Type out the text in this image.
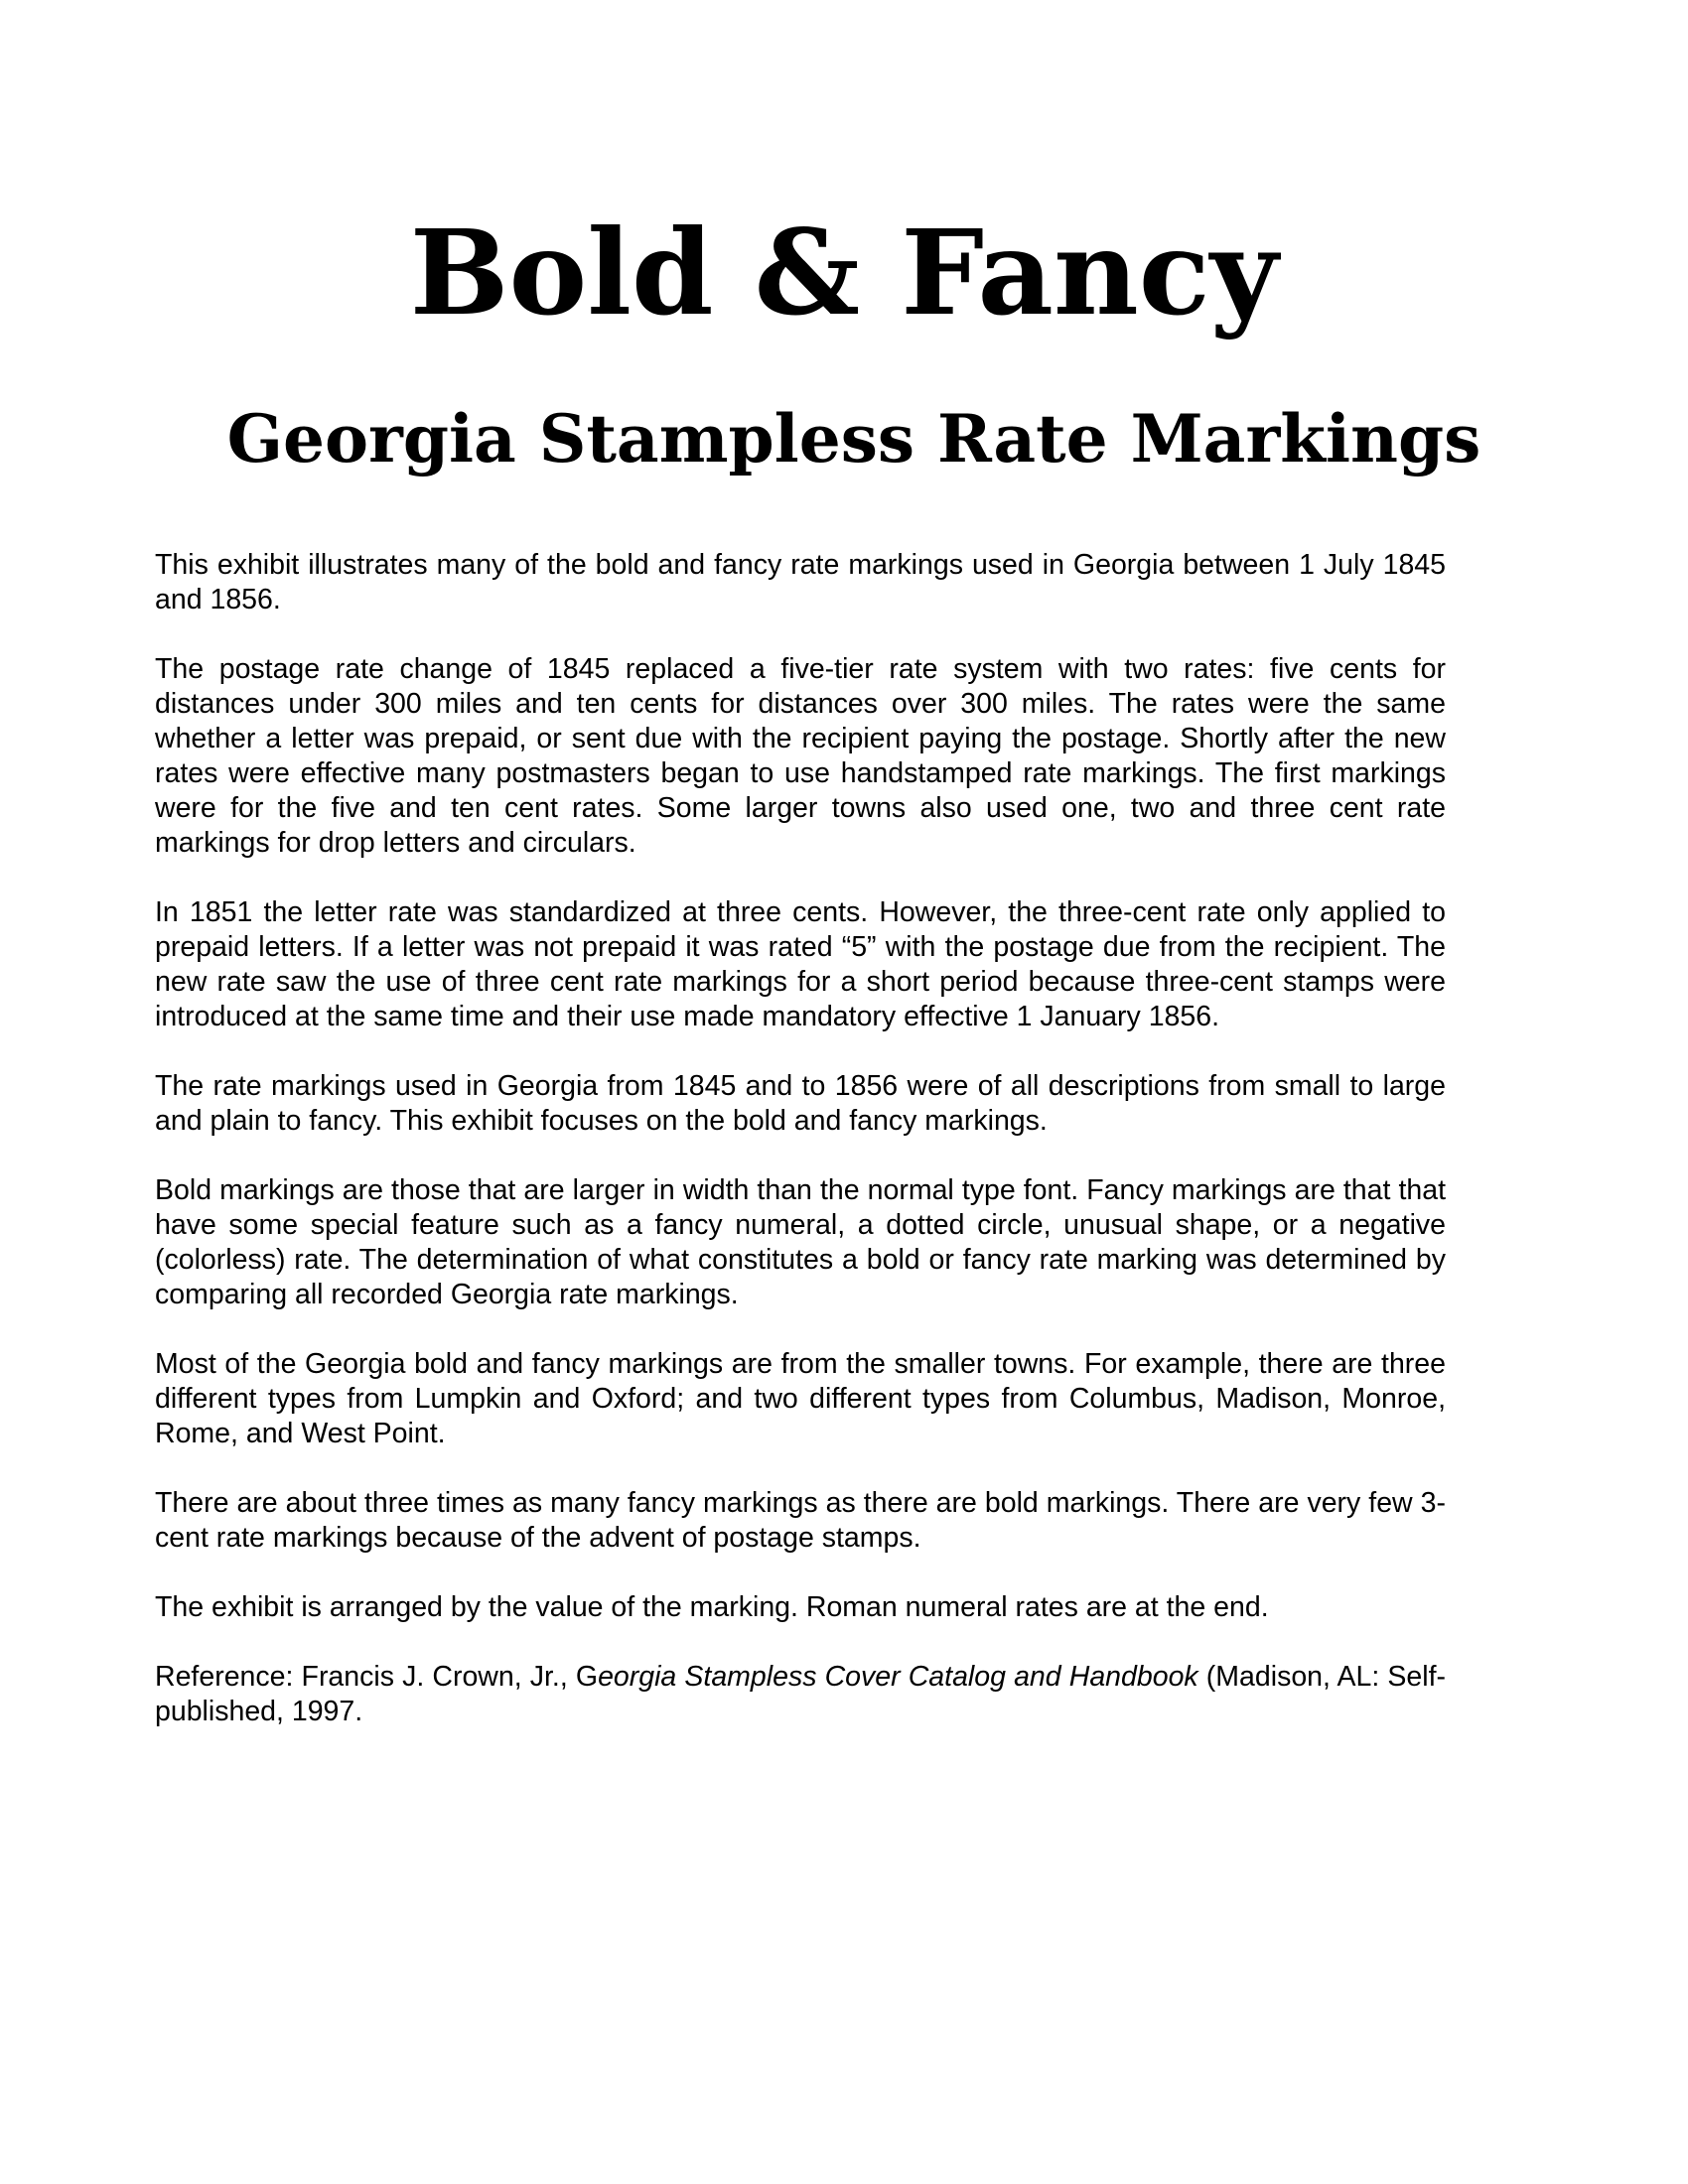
Bold & Fancy
Georgia Stampless Rate Markings

This exhibit illustrates many of the bold and fancy rate markings used in Georgia between 1 July 1845 and 1856.

The postage rate change of 1845 replaced a five-tier rate system with two rates: five cents for distances under 300 miles and ten cents for distances over 300 miles. The rates were the same whether a letter was prepaid, or sent due with the recipient paying the postage. Shortly after the new rates were effective many postmasters began to use handstamped rate markings. The first markings were for the five and ten cent rates. Some larger towns also used one, two and three cent rate markings for drop letters and circulars.

In 1851 the letter rate was standardized at three cents. However, the three-cent rate only applied to prepaid letters. If a letter was not prepaid it was rated “5” with the postage due from the recipient. The new rate saw the use of three cent rate markings for a short period because three-cent stamps were introduced at the same time and their use made mandatory effective 1 January 1856.

The rate markings used in Georgia from 1845 and to 1856 were of all descriptions from small to large and plain to fancy. This exhibit focuses on the bold and fancy markings.

Bold markings are those that are larger in width than the normal type font. Fancy markings are that that have some special feature such as a fancy numeral, a dotted circle, unusual shape, or a negative (colorless) rate. The determination of what constitutes a bold or fancy rate marking was determined by comparing all recorded Georgia rate markings.

Most of the Georgia bold and fancy markings are from the smaller towns. For example, there are three different types from Lumpkin and Oxford; and two different types from Columbus, Madison, Monroe, Rome, and West Point.

There are about three times as many fancy markings as there are bold markings. There are very few 3-cent rate markings because of the advent of postage stamps.

The exhibit is arranged by the value of the marking. Roman numeral rates are at the end.

Reference: Francis J. Crown, Jr., Georgia Stampless Cover Catalog and Handbook (Madison, AL: Self-published, 1997.
